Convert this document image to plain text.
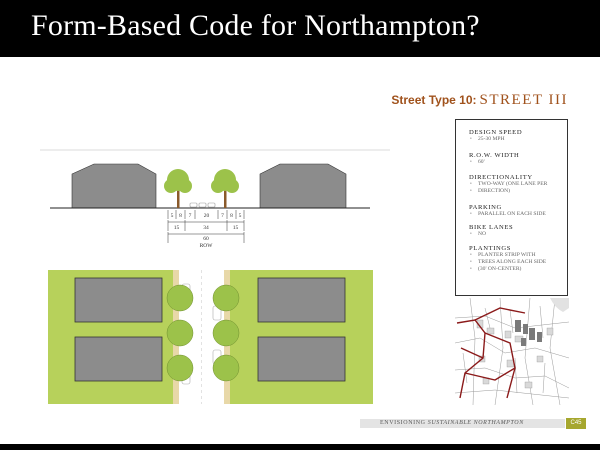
Form-Based Code for Northampton?
Street Type 10: STREET III
5 8 7 20 7 8 5
15	34	15
60
ROW
DESIGN SPEED
• 25-30 MPH
R.O.W. WIDTH
• 60'
DIRECTIONALITY
• TWO-WAY (ONE LANE PER
• DIRECTION)
PARKING
• PARALLEL ON EACH SIDE
BIKE LANES
• NO
PLANTINGS
• PLANTER STRIP WITH
• TREES ALONG EACH SIDE
• (30' ON-CENTER)
ENVISIONING SUSTAINABLE NORTHAMPTON	C45
